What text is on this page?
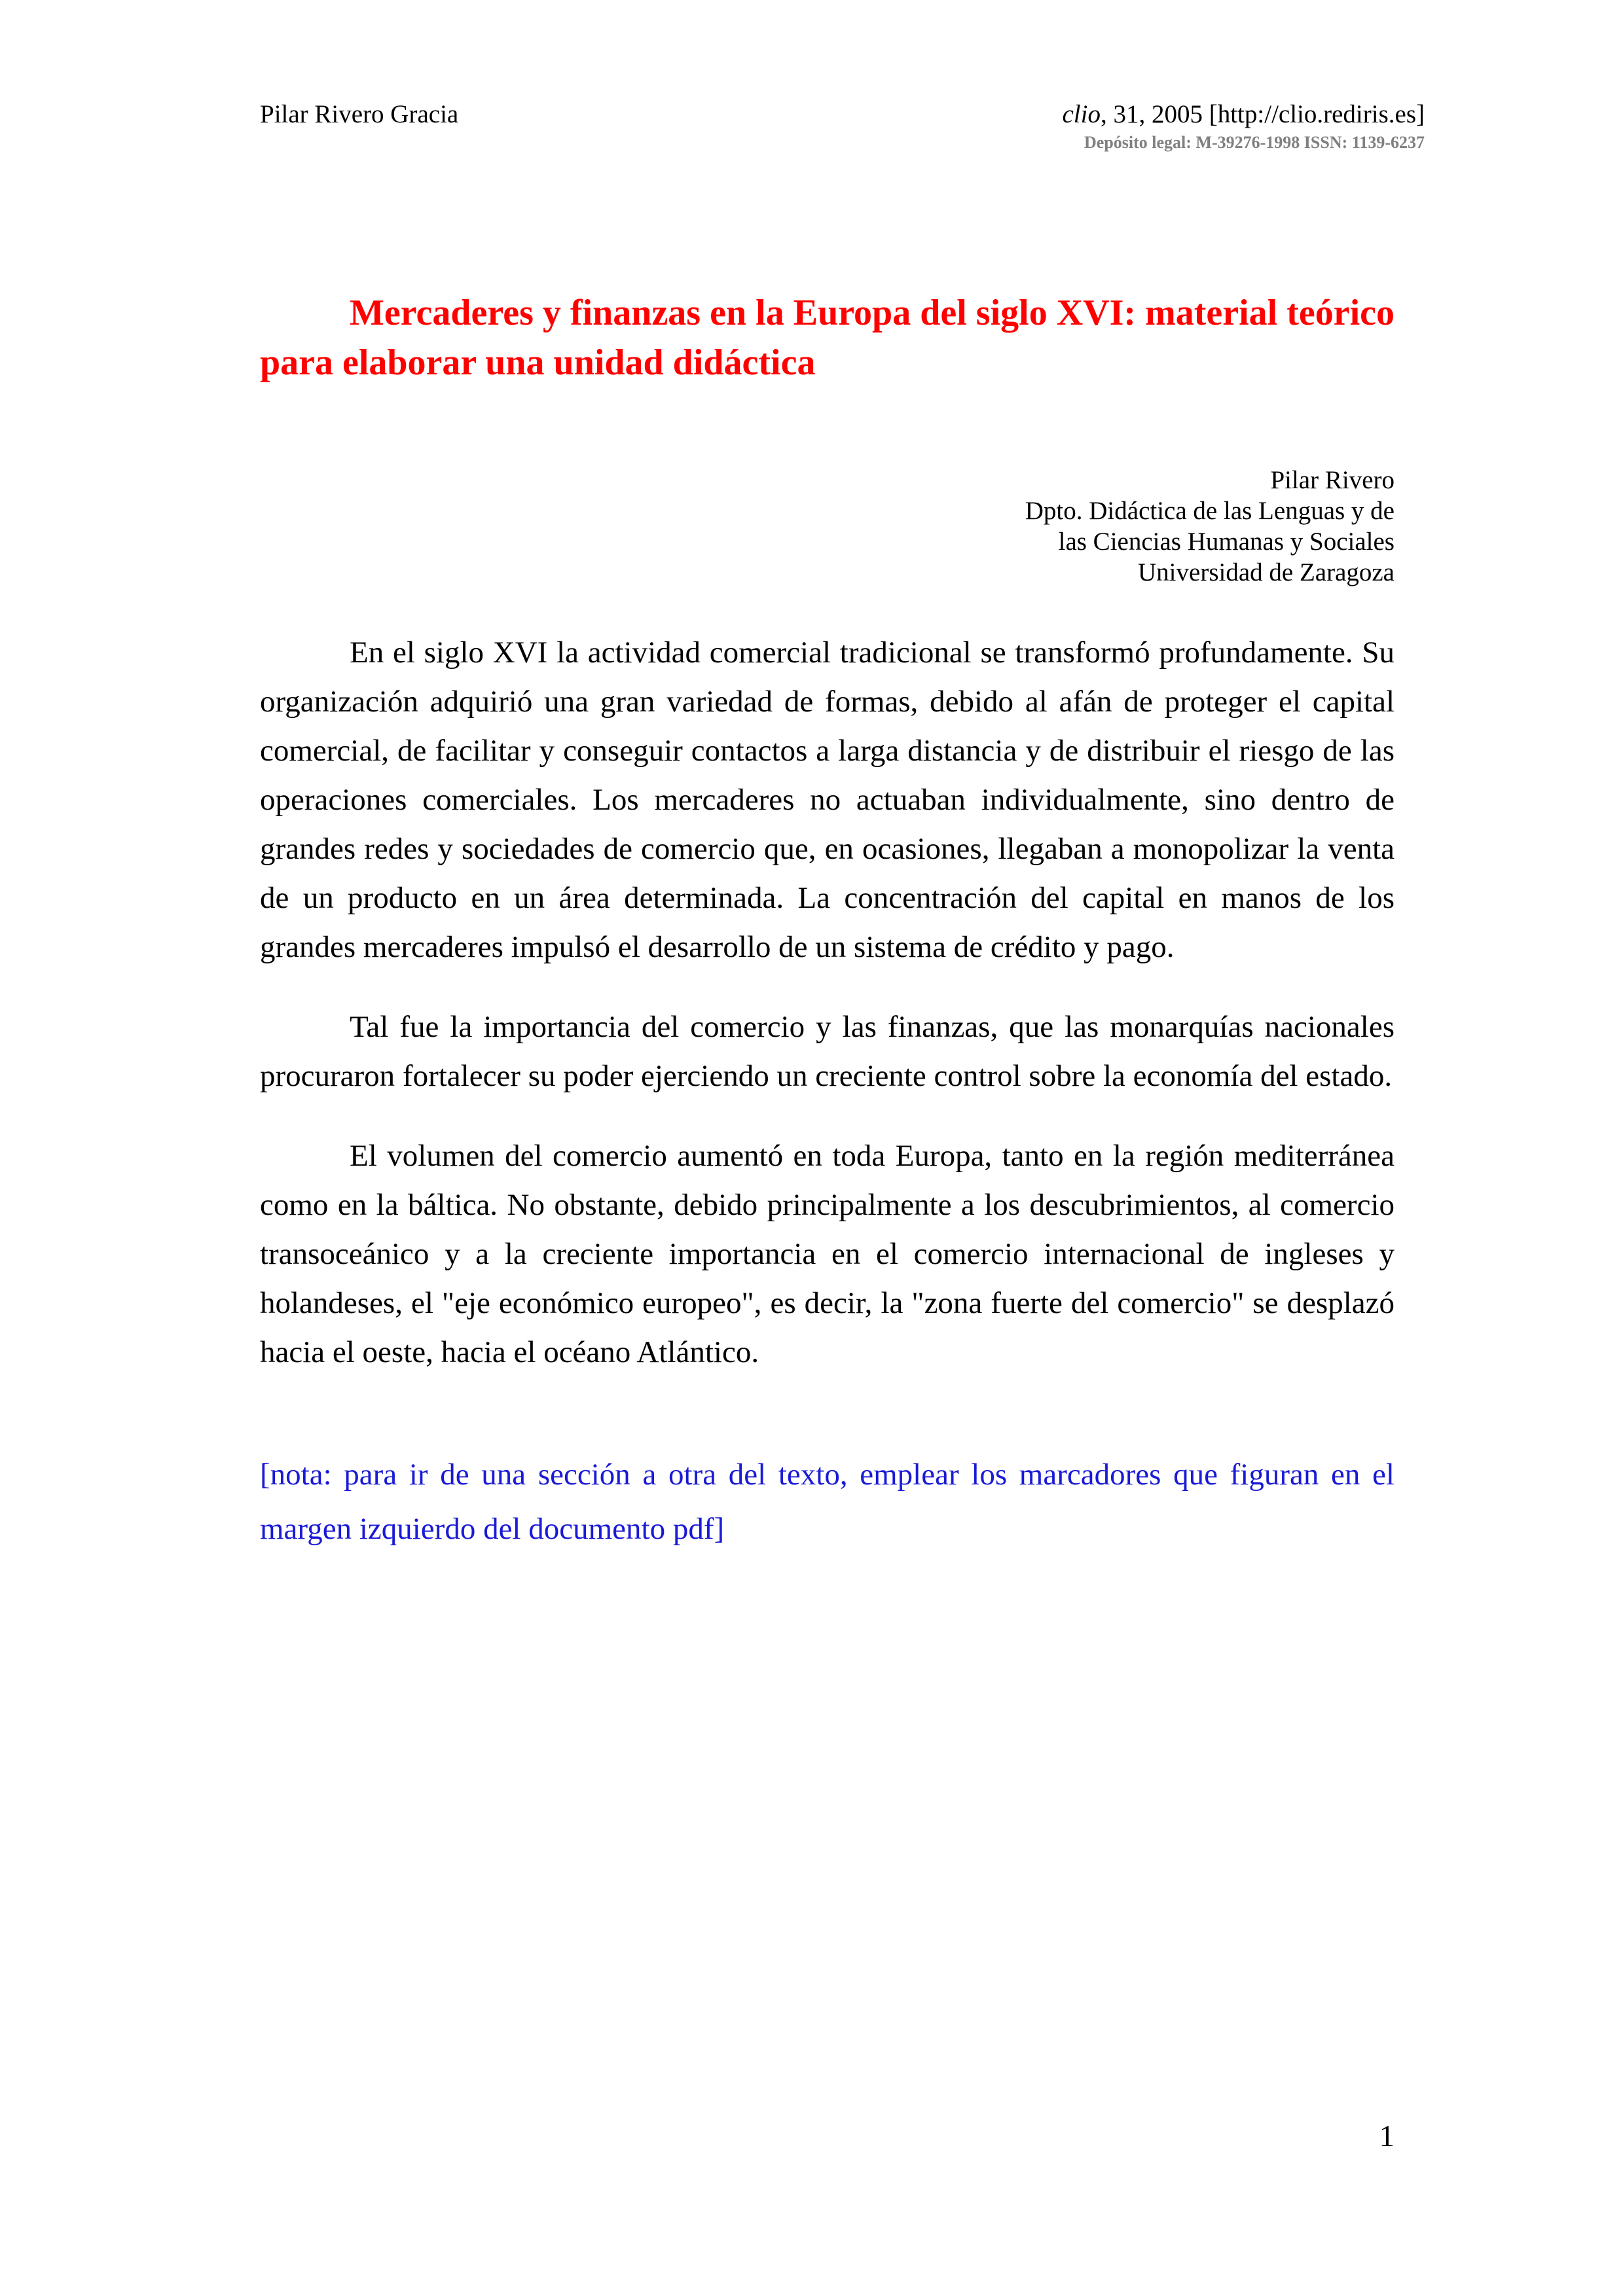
Pilar Rivero Gracia	clio, 31, 2005 [http://clio.rediris.es]
Depósito legal: M-39276-1998 ISSN: 1139-6237
Mercaderes y finanzas en la Europa del siglo XVI: material teórico para elaborar una unidad didáctica
Pilar Rivero
Dpto. Didáctica de las Lenguas y de
las Ciencias Humanas y Sociales
Universidad de Zaragoza

En el siglo XVI la actividad comercial tradicional se transformó profundamente. Su organización adquirió una gran variedad de formas, debido al afán de proteger el capital comercial, de facilitar y conseguir contactos a larga distancia y de distribuir el riesgo de las operaciones comerciales. Los mercaderes no actuaban individualmente, sino dentro de grandes redes y sociedades de comercio que, en ocasiones, llegaban a monopolizar la venta de un producto en un área determinada. La concentración del capital en manos de los grandes mercaderes impulsó el desarrollo de un sistema de crédito y pago.

Tal fue la importancia del comercio y las finanzas, que las monarquías nacionales procuraron fortalecer su poder ejerciendo un creciente control sobre la economía del estado.

El volumen del comercio aumentó en toda Europa, tanto en la región mediterránea como en la báltica. No obstante, debido principalmente a los descubrimientos, al comercio transoceánico y a la creciente importancia en el comercio internacional de ingleses y holandeses, el "eje económico europeo", es decir, la "zona fuerte del comercio" se desplazó hacia el oeste, hacia el océano Atlántico.

[nota: para ir de una sección a otra del texto, emplear los marcadores que figuran en el margen izquierdo del documento pdf]

1
